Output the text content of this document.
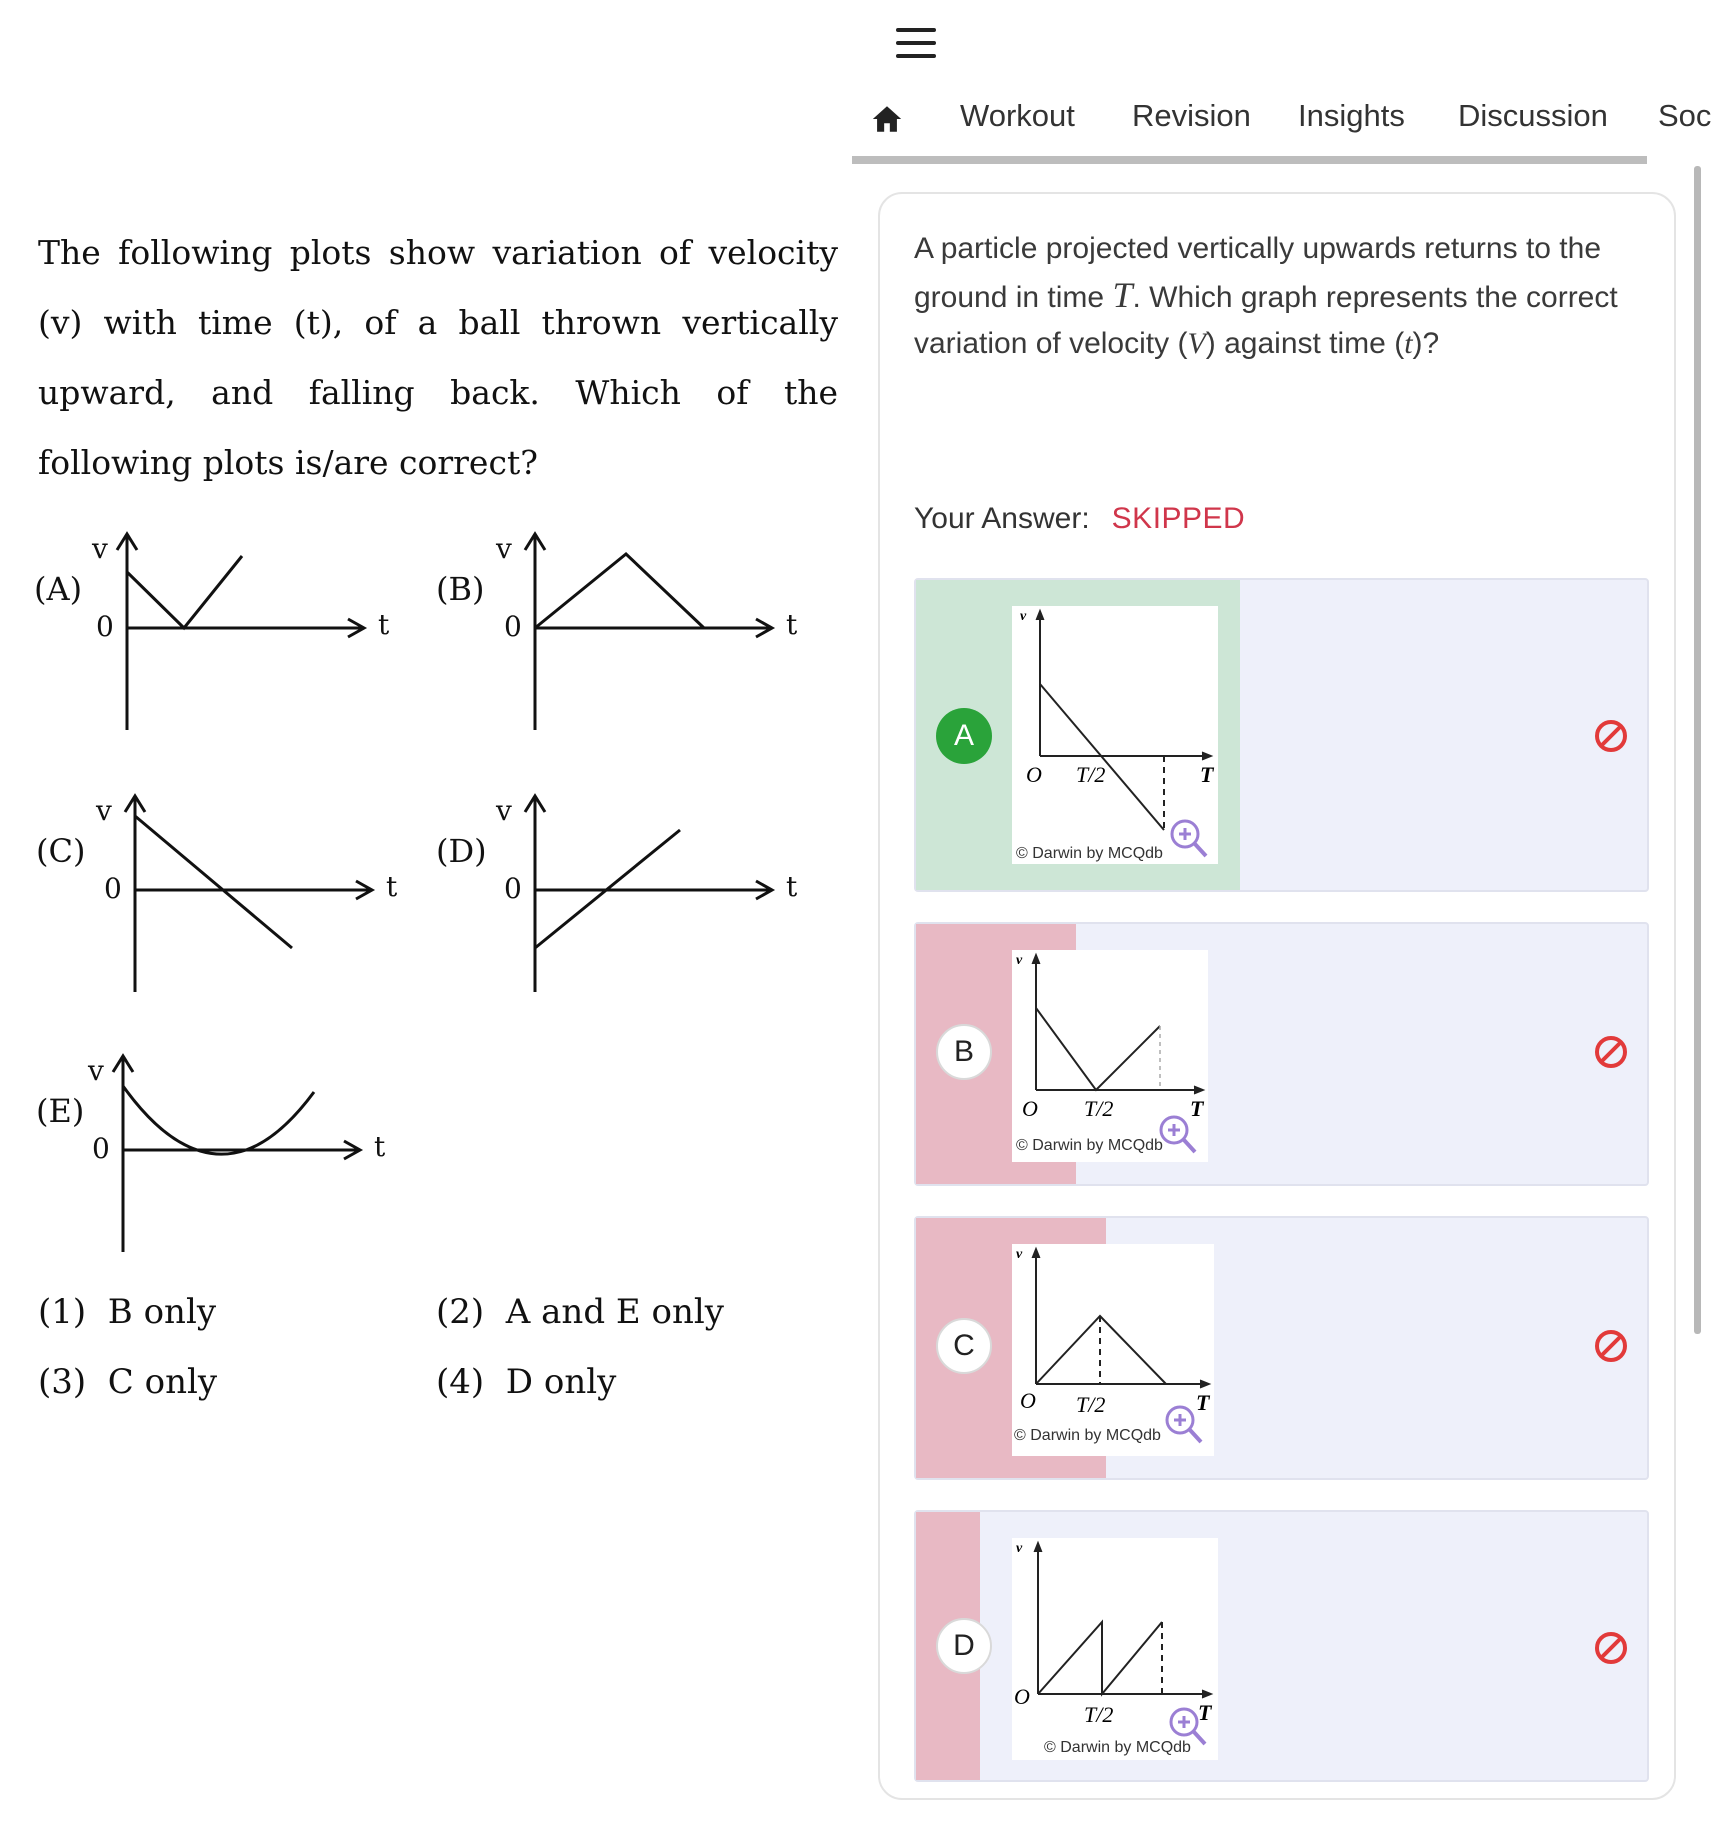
The following plots show variation of velocity (v) with time (t), of a ball thrown vertically upward, and falling back. Which of the following plots is/are correct?
(A)
v
0	t
(B)
v
0	t
(C)
v
0	t
(D)
v
0	t
(E)
v
0	t
(1) B only	(2) A and E only
(3) C only	(4) D only
Workout Revision Insights Discussion Soc
A particle projected vertically upwards returns to the ground in time T. Which graph represents the correct variation of velocity (V) against time (t)?
Your Answer: SKIPPED
A
v
O T/2	T
© Darwin by MCQdb
B
v
O T/2	T
© Darwin by MCQdb
C
v
O T/2	T
© Darwin by MCQdb
D
v
O
T/2	T
© Darwin by MCQdb
